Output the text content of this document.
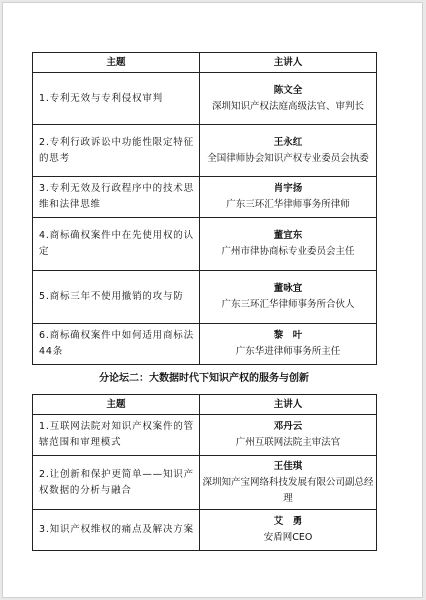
主题	主讲人
1.专利无效与专利侵权审判	陈文全
深圳知识产权法庭高级法官、审判长

2.专利行政诉讼中功能性限定特征的思考	王永红
全国律师协会知识产权专业委员会执委

3.专利无效及行政程序中的技术思维和法律思维	肖宇扬
广东三环汇华律师事务所律师

4.商标确权案件中在先使用权的认定	董宜东
广州市律协商标专业委员会主任

5.商标三年不使用撤销的攻与防	董咏宜
广东三环汇华律师事务所合伙人

6.商标确权案件中如何适用商标法44条	黎　叶
广东华进律师事务所主任
分论坛二：大数据时代下知识产权的服务与创新
主题	主讲人
1.互联网法院对知识产权案件的管辖范围和审理模式	邓丹云
广州互联网法院主审法官

2.让创新和保护更简单——知识产权数据的分析与融合	王佳琪
深圳知产宝网络科技发展有限公司副总经理

3.知识产权维权的痛点及解决方案	艾　勇
安盾网CEO
